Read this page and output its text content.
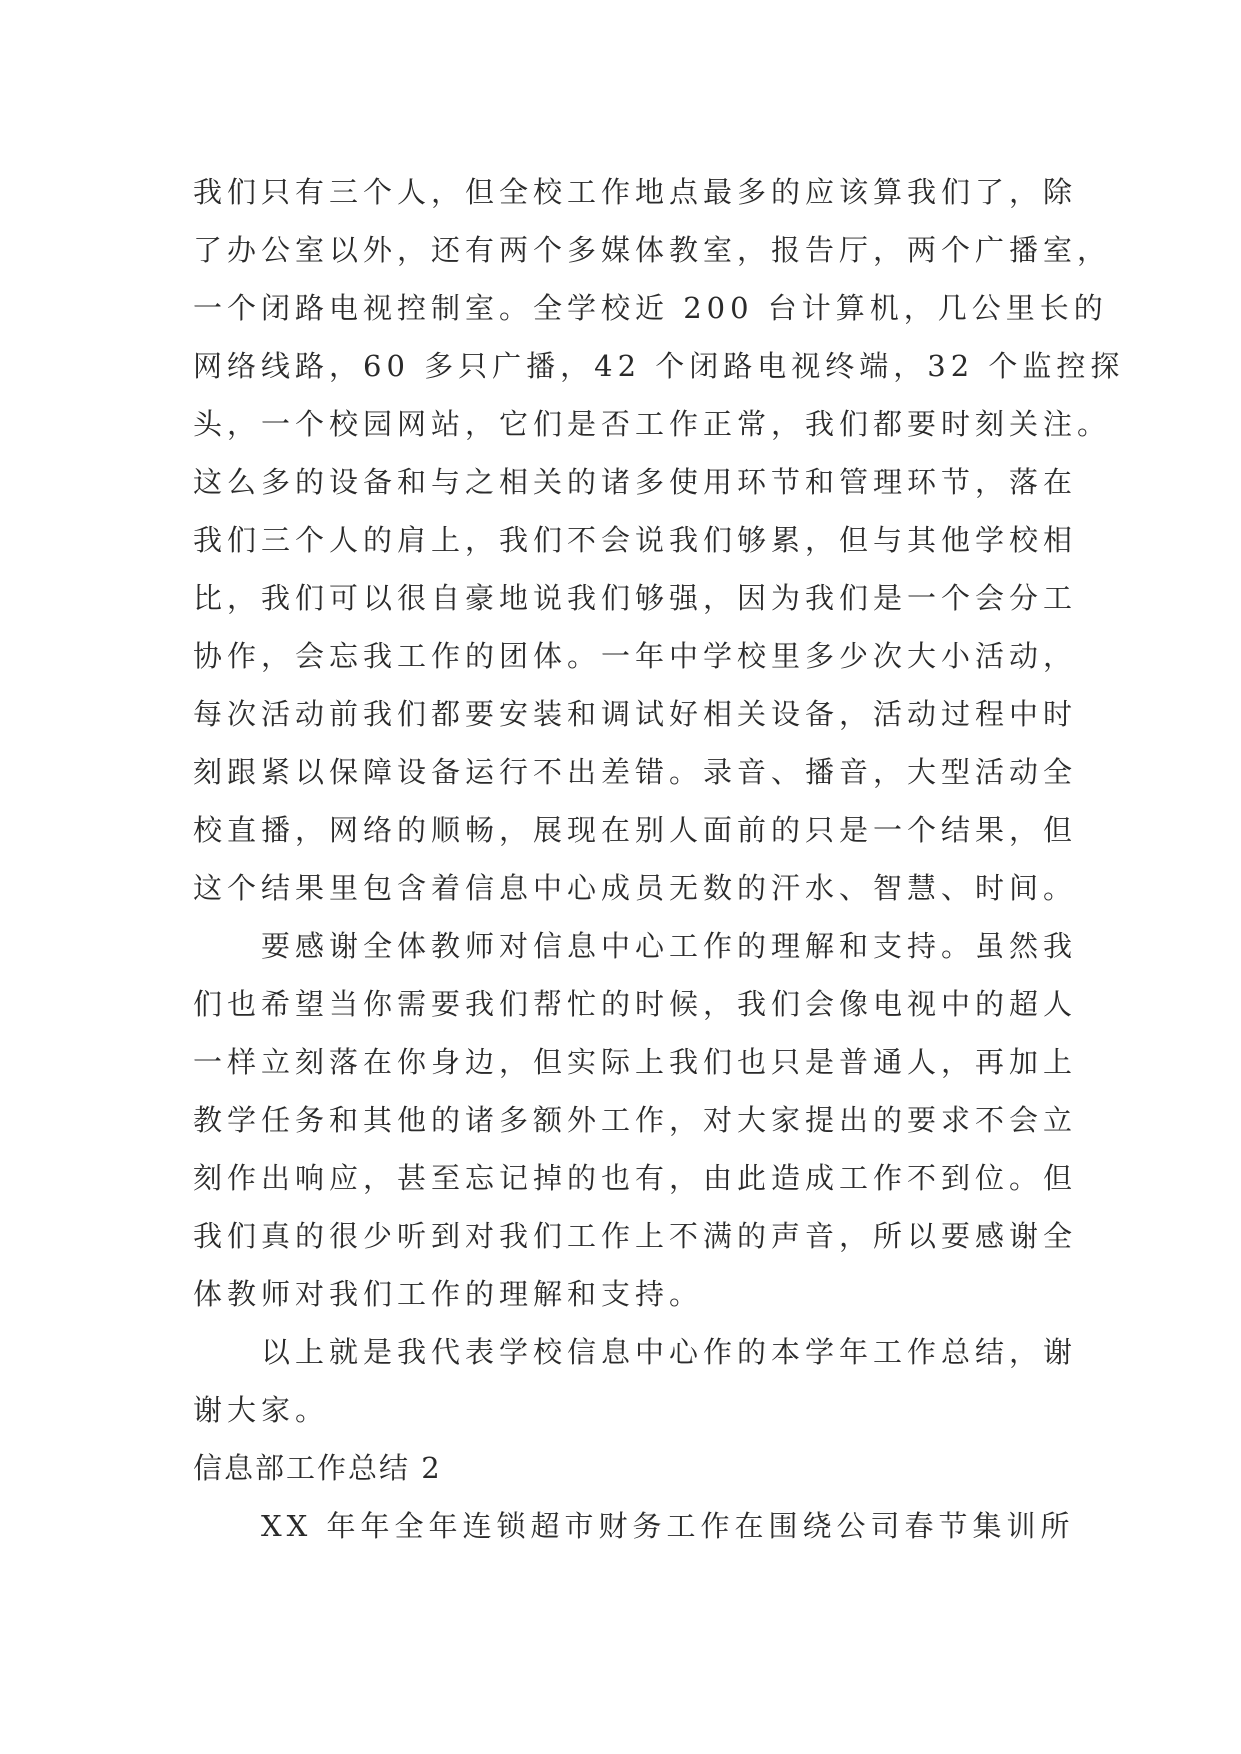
我们只有三个人，但全校工作地点最多的应该算我们了，除
了办公室以外，还有两个多媒体教室，报告厅，两个广播室，
一个闭路电视控制室。全学校近 200 台计算机，几公里长的
网络线路，60 多只广播，42 个闭路电视终端，32 个监控探
头，一个校园网站，它们是否工作正常，我们都要时刻关注。
这么多的设备和与之相关的诸多使用环节和管理环节，落在
我们三个人的肩上，我们不会说我们够累，但与其他学校相
比，我们可以很自豪地说我们够强，因为我们是一个会分工
协作，会忘我工作的团体。一年中学校里多少次大小活动，
每次活动前我们都要安装和调试好相关设备，活动过程中时
刻跟紧以保障设备运行不出差错。录音、播音，大型活动全
校直播，网络的顺畅，展现在别人面前的只是一个结果，但
这个结果里包含着信息中心成员无数的汗水、智慧、时间。
　　要感谢全体教师对信息中心工作的理解和支持。虽然我
们也希望当你需要我们帮忙的时候，我们会像电视中的超人
一样立刻落在你身边，但实际上我们也只是普通人，再加上
教学任务和其他的诸多额外工作，对大家提出的要求不会立
刻作出响应，甚至忘记掉的也有，由此造成工作不到位。但
我们真的很少听到对我们工作上不满的声音，所以要感谢全
体教师对我们工作的理解和支持。
　　以上就是我代表学校信息中心作的本学年工作总结，谢
谢大家。
信息部工作总结 2
　　XX 年年全年连锁超市财务工作在围绕公司春节集训所
